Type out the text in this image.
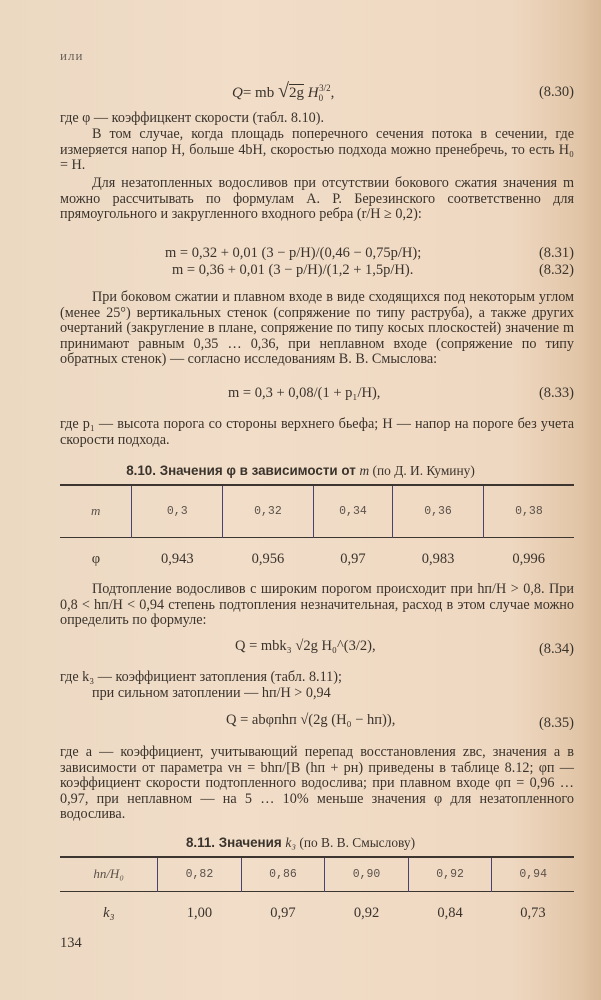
или
Q= mb √2g $H_0^{3/2}$,	(8.30)
где φ — коэффицкент скорости (табл. 8.10).
В том случае, когда площадь поперечного сечения потока в сечении, где измеряется напор H, больше 4bH, скоростью подхода можно пренебречь, то есть H₀ = H.
Для незатопленных водосливов при отсутствии бокового сжатия значения m можно рассчитывать по формулам А. Р. Березинского соответственно для прямоугольного и закругленного входного ребра (r/H ≥ 0,2):
m = 0,32 + 0,01 (3 − p/H)/(0,46 − 0,75p/H);	(8.31)
m = 0,36 + 0,01 (3 − p/H)/(1,2 + 1,5p/H).	(8.32)
При боковом сжатии и плавном входе в виде сходящихся под некоторым углом (менее 25°) вертикальных стенок (сопряжение по типу раструба), а также других очертаний (закругление в плане, сопряжение по типу косых плоскостей) значение m принимают равным 0,35 … 0,36, при неплавном входе (сопряжение по типу обратных стенок) — согласно исследованиям В. В. Смыслова:
m = 0,3 + 0,08/(1 + p₁/H),	(8.33)
где p₁ — высота порога со стороны верхнего бьефа; H — напор на пороге без учета скорости подхода.
8.10. Значения φ в зависимости от m (по Д. И. Кумину)
m	0,3	0,32	0,34	0,36	0,38
φ	0,943	0,956	0,97	0,983	0,996
Подтопление водосливов с широким порогом происходит при hп/H > 0,8. При 0,8 < hп/H < 0,94 степень подтопления незначительная, расход в этом случае можно определить по формуле:
Q = mbk₃ √2g H₀^(3/2),	(8.34)
где k₃ — коэффициент затопления (табл. 8.11);
при сильном затоплении — hп/H > 0,94
Q = abφпhп √(2g (H₀ − hп)),	(8.35)
где a — коэффициент, учитывающий перепад восстановления zвс, значения a в зависимости от параметра νн = bhп/[B (hп + pн) приведены в таблице 8.12; φп — коэффициент скорости подтопленного водослива; при плавном входе φп = 0,96 … 0,97, при неплавном — на 5 … 10% меньше значения φ для незатопленного водослива.
8.11. Значения k₃ (по В. В. Смыслову)
hп/H₀	0,82	0,86	0,90	0,92	0,94
k₃	1,00	0,97	0,92	0,84	0,73
134
